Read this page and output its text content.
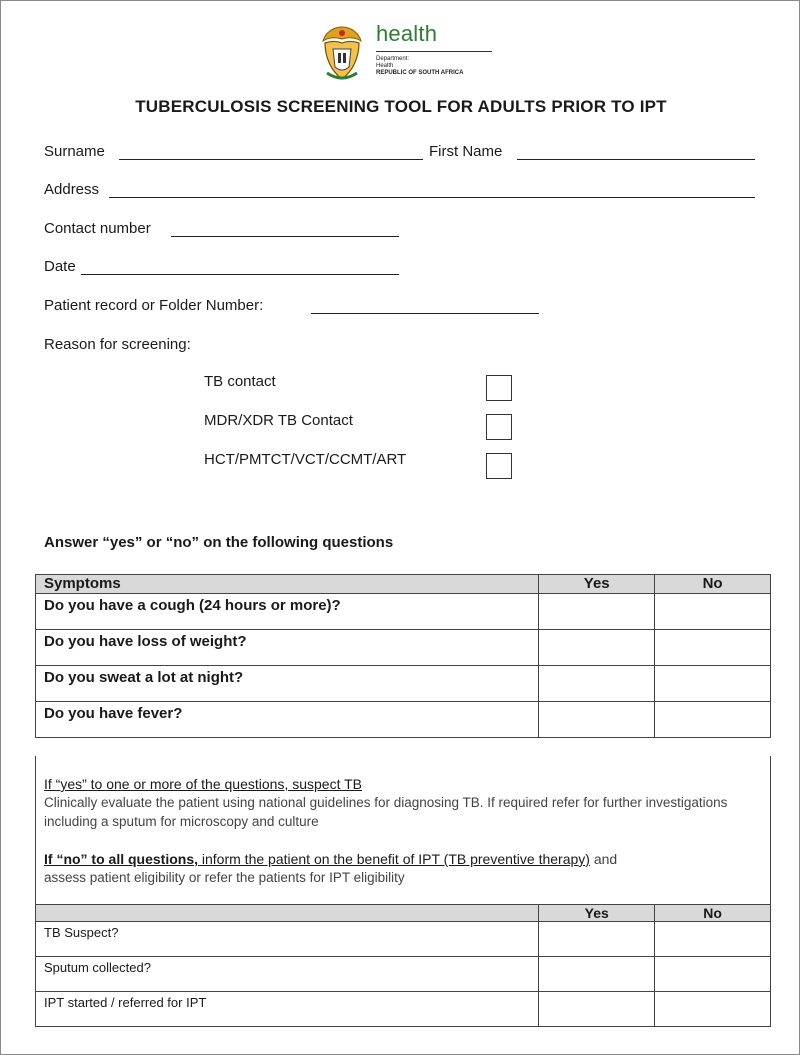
health
Department:
Health
REPUBLIC OF SOUTH AFRICA
TUBERCULOSIS SCREENING TOOL FOR ADULTS PRIOR TO IPT
Surname	First Name
Address
Contact number
Date
Patient record or Folder Number:
Reason for screening:
TB contact
MDR/XDR TB Contact
HCT/PMTCT/VCT/CCMT/ART
Answer “yes” or “no” on the following questions
Symptoms	Yes	No
Do you have a cough (24 hours or more)?		
Do you have loss of weight?		
Do you sweat a lot at night?		
Do you have fever?		
If “yes” to one or more of the questions, suspect TB
Clinically evaluate the patient using national guidelines for diagnosing TB. If required refer for further investigations including a sputum for microscopy and culture
If “no” to all questions, inform the patient on the benefit of IPT (TB preventive therapy) and
assess patient eligibility or refer the patients for IPT eligibility
	Yes	No
TB Suspect?		
Sputum collected?		
IPT started / referred for IPT		
